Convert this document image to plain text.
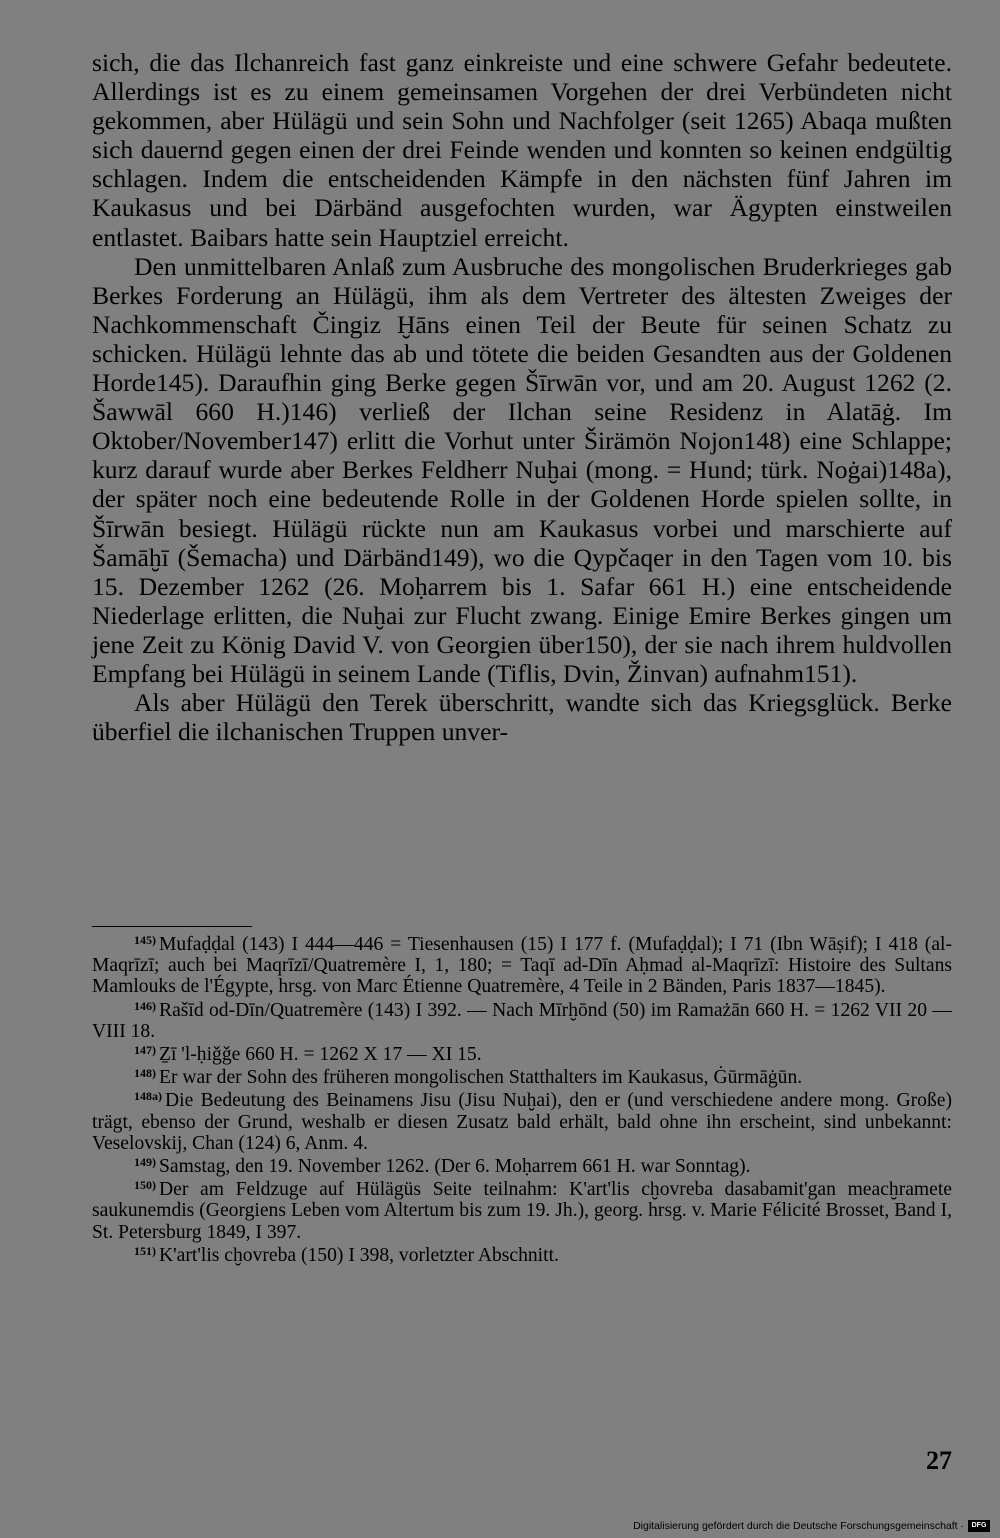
sich, die das Ilchanreich fast ganz einkreiste und eine schwere Gefahr bedeutete. Allerdings ist es zu einem gemeinsamen Vorgehen der drei Verbündeten nicht gekommen, aber Hülägü und sein Sohn und Nachfolger (seit 1265) Abaqa mußten sich dauernd gegen einen der drei Feinde wenden und konnten so keinen endgültig schlagen. Indem die entscheidenden Kämpfe in den nächsten fünf Jahren im Kaukasus und bei Därbänd ausgefochten wurden, war Ägypten einstweilen entlastet. Baibars hatte sein Hauptziel erreicht.

Den unmittelbaren Anlaß zum Ausbruche des mongolischen Bruderkrieges gab Berkes Forderung an Hülägü, ihm als dem Vertreter des ältesten Zweiges der Nachkommenschaft Čingiz Ḫāns einen Teil der Beute für seinen Schatz zu schicken. Hülägü lehnte das ab und tötete die beiden Gesandten aus der Goldenen Horde145). Daraufhin ging Berke gegen Šīrwān vor, und am 20. August 1262 (2. Šawwāl 660 H.)146) verließ der Ilchan seine Residenz in Alatāġ. Im Oktober/November147) erlitt die Vorhut unter Širämön Nojon148) eine Schlappe; kurz darauf wurde aber Berkes Feldherr Nuḫai (mong. = Hund; türk. Noġai)148a), der später noch eine bedeutende Rolle in der Goldenen Horde spielen sollte, in Šīrwān besiegt. Hülägü rückte nun am Kaukasus vorbei und marschierte auf Šamāḫī (Šemacha) und Därbänd149), wo die Qypčaqer in den Tagen vom 10. bis 15. Dezember 1262 (26. Moḥarrem bis 1. Safar 661 H.) eine entscheidende Niederlage erlitten, die Nuḫai zur Flucht zwang. Einige Emire Berkes gingen um jene Zeit zu König David V. von Georgien über150), der sie nach ihrem huldvollen Empfang bei Hülägü in seinem Lande (Tiflis, Dvin, Žinvan) aufnahm151).

Als aber Hülägü den Terek überschritt, wandte sich das Kriegsglück. Berke überfiel die ilchanischen Truppen unver-

$^{145)}$ Mufaḍḍal (143) I 444—446 = Tiesenhausen (15) I 177 f. (Mufaḍḍal); I 71 (Ibn Wāṣif); I 418 (al-Maqrīzī; auch bei Maqrīzī/Quatremère I, 1, 180; = Taqī ad-Dīn Aḥmad al-Maqrīzī: Histoire des Sultans Mamlouks de l'Égypte, hrsg. von Marc Étienne Quatremère, 4 Teile in 2 Bänden, Paris 1837—1845).

$^{146)}$ Rašīd od-Dīn/Quatremère (143) I 392. — Nach Mīrḫōnd (50) im Ramażān 660 H. = 1262 VII 20 — VIII 18.

$^{147)}$ Ẕī 'l-ḥiǧǧe 660 H. = 1262 X 17 — XI 15.

$^{148)}$ Er war der Sohn des früheren mongolischen Statthalters im Kaukasus, Ġūrmāġūn.

$^{148a)}$ Die Bedeutung des Beinamens Jisu (Jisu Nuḫai), den er (und verschiedene andere mong. Große) trägt, ebenso der Grund, weshalb er diesen Zusatz bald erhält, bald ohne ihn erscheint, sind unbekannt: Veselovskij, Chan (124) 6, Anm. 4.

$^{149)}$ Samstag, den 19. November 1262. (Der 6. Moḥarrem 661 H. war Sonntag).

$^{150)}$ Der am Feldzuge auf Hülägüs Seite teilnahm: K'art'lis cḫovreba dasabamit'gan meacḫramete saukunemdis (Georgiens Leben vom Altertum bis zum 19. Jh.), georg. hrsg. v. Marie Félicité Brosset, Band I, St. Petersburg 1849, I 397.

$^{151)}$ K'art'lis cḫovreba (150) I 398, vorletzter Abschnitt.

27
Digitalisierung gefördert durch die Deutsche Forschungsgemeinschaft ·	DFG
